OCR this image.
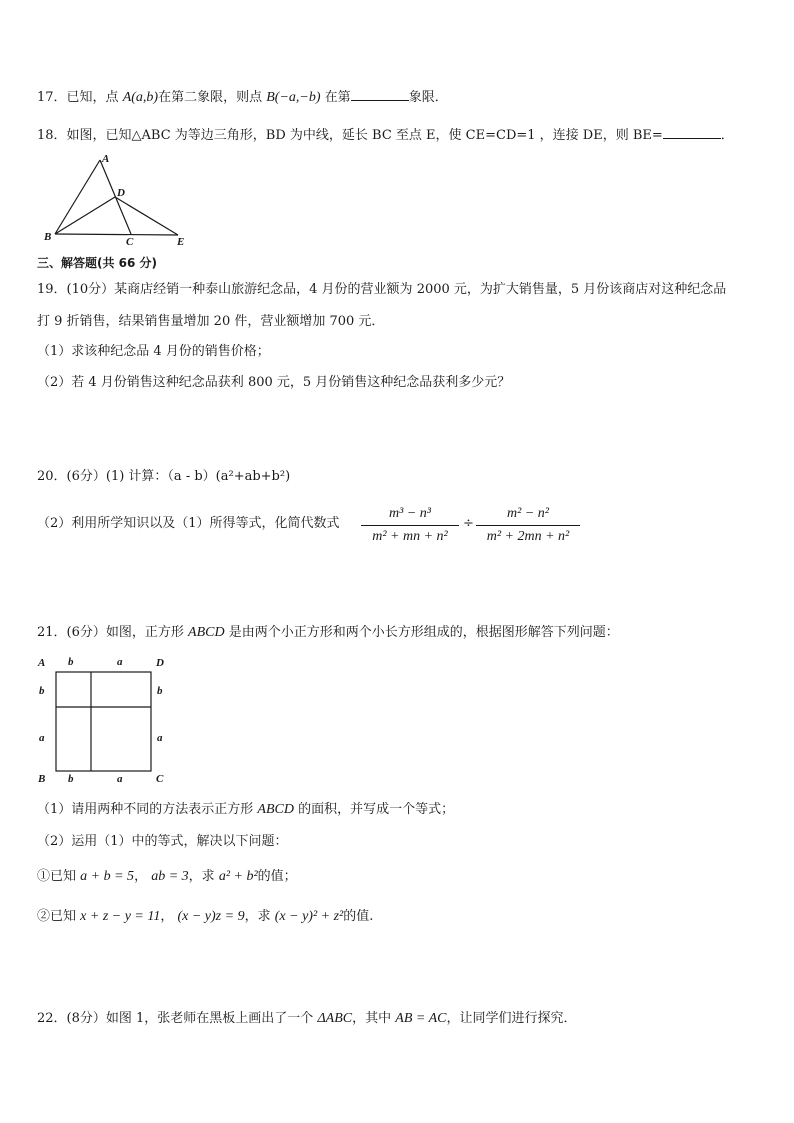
17．已知，点 A(a,b)在第二象限，则点 B(−a,−b) 在第	象限．
18．如图，已知△ABC 为等边三角形，BD 为中线，延长 BC 至点 E，使 CE=CD=1 ，连接 DE，则 BE=	．
A
B	C
D
E
三、解答题(共 66 分)
19．(10分）某商店经销一种泰山旅游纪念品，4 月份的营业额为 2000 元，为扩大销售量，5 月份该商店对这种纪念品
打 9 折销售，结果销售量增加 20 件，营业额增加 700 元．
（1）求该种纪念品 4 月份的销售价格；
（2）若 4 月份销售这种纪念品获利 800 元，5 月份销售这种纪念品获利多少元？
20．(6分）(1) 计算：（a - b）(a²+ab+b²)
（2）利用所学知识以及（1）所得等式，化简代数式
m³ − n³
m² + mn + n²
÷
m² − n²
m² + 2mn + n²
21．(6分）如图，正方形 ABCD 是由两个小正方形和两个小长方形组成的，根据图形解答下列问题：
A	D
B	C
b	a
b	a
b
a
b
a
（1）请用两种不同的方法表示正方形 ABCD 的面积，并写成一个等式；
（2）运用（1）中的等式，解决以下问题：
①已知 a + b = 5， ab = 3，求 a² + b²的值；
②已知 x + z − y = 11， (x − y)z = 9，求 (x − y)² + z²的值.
22．(8分）如图 1，张老师在黑板上画出了一个 ΔABC，其中 AB = AC，让同学们进行探究．
